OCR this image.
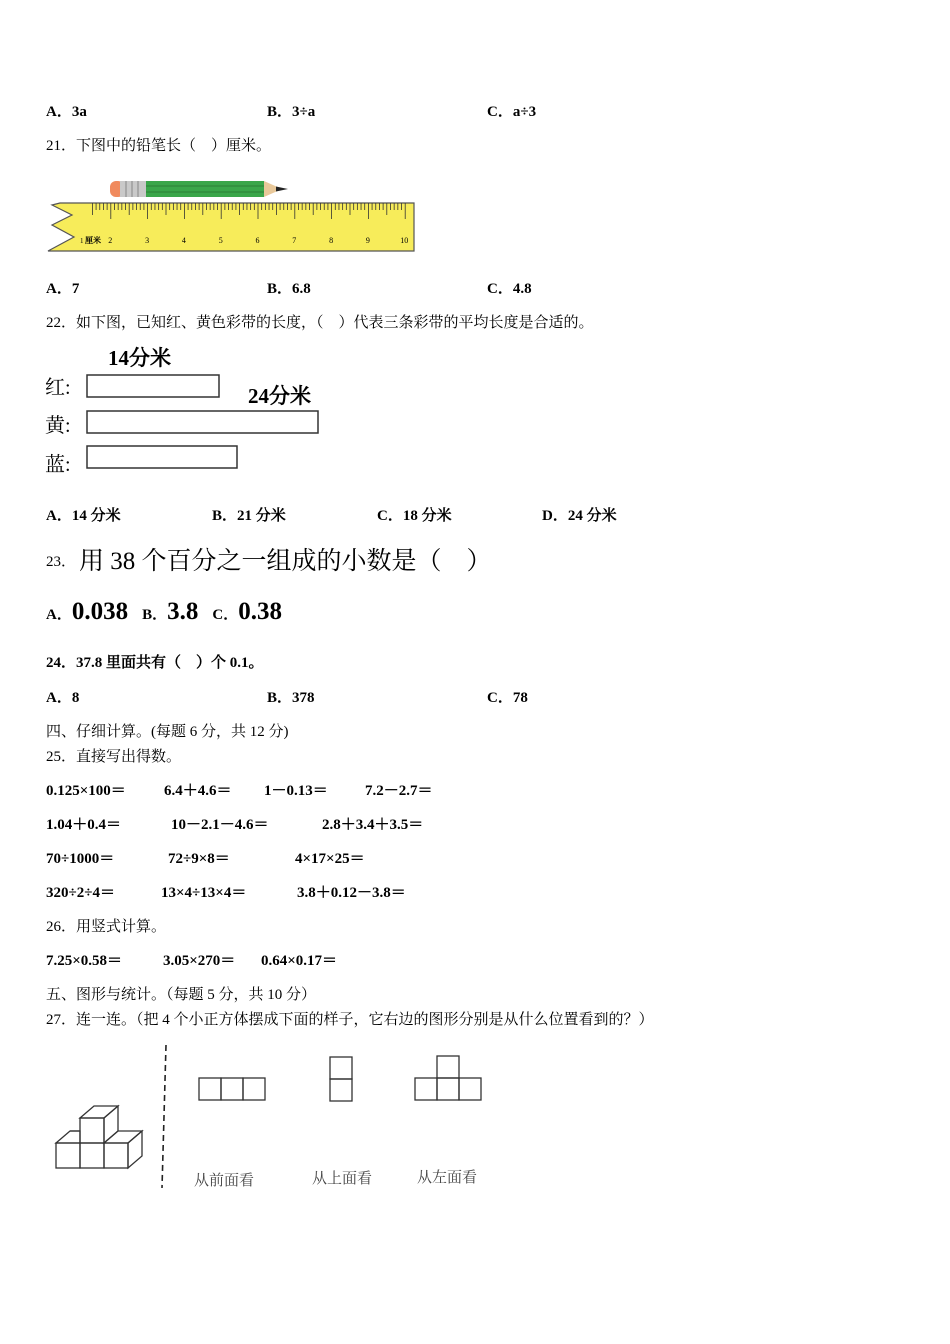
A．3a	B．3÷a	C．a÷3
21．下图中的铅笔长（　）厘米。
1 厘米 2	3	4	5	6	7	8	9	10
A．7	B．6.8	C．4.8
22．如下图，已知红、黄色彩带的长度，（　）代表三条彩带的平均长度是合适的。
14分米
24分米
红:
黄:
蓝:
A．14 分米	B．21 分米	C．18 分米	D．24 分米
23． 用 38 个百分之一组成的小数是（　）
A．0.038 B．3.8 C．0.38
24．37.8 里面共有（　）个 0.1。
A．8	B．378	C．78
四、仔细计算。(每题 6 分，共 12 分)
25．直接写出得数。
0.125×100＝	6.4＋4.6＝ 1－0.13＝ 7.2－2.7＝
1.04＋0.4＝	10－2.1－4.6＝	2.8＋3.4＋3.5＝
70÷1000＝	72÷9×8＝	4×17×25＝
320÷2÷4＝	13×4÷13×4＝	3.8＋0.12－3.8＝
26．用竖式计算。
7.25×0.58＝	3.05×270＝ 0.64×0.17＝
五、图形与统计。（每题 5 分，共 10 分）
27．连一连。（把 4 个小正方体摆成下面的样子，它右边的图形分别是从什么位置看到的？）
从前面看	从上面看	从左面看
